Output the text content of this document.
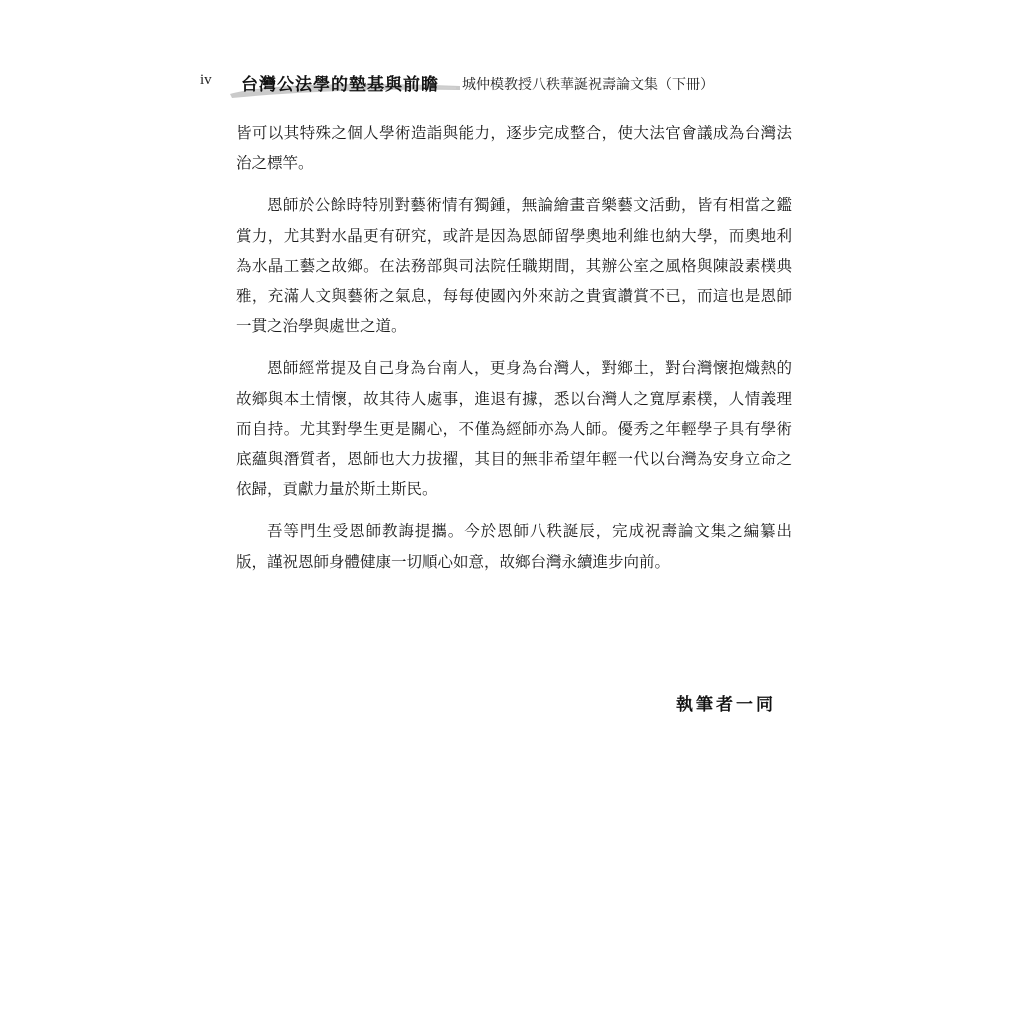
iv 台灣公法學的墊基與前瞻 城仲模教授八秩華誕祝壽論文集（下冊）

皆可以其特殊之個人學術造詣與能力，逐步完成整合，使大法官會議成為台灣法治之標竿。

恩師於公餘時特別對藝術情有獨鍾，無論繪畫音樂藝文活動，皆有相當之鑑賞力，尤其對水晶更有研究，或許是因為恩師留學奧地利維也納大學，而奧地利為水晶工藝之故鄉。在法務部與司法院任職期間，其辦公室之風格與陳設素樸典雅，充滿人文與藝術之氣息，每每使國內外來訪之貴賓讚賞不已，而這也是恩師一貫之治學與處世之道。

恩師經常提及自己身為台南人，更身為台灣人，對鄉土，對台灣懷抱熾熱的故鄉與本土情懷，故其待人處事，進退有據，悉以台灣人之寬厚素樸，人情義理而自持。尤其對學生更是關心，不僅為經師亦為人師。優秀之年輕學子具有學術底蘊與潛質者，恩師也大力拔擢，其目的無非希望年輕一代以台灣為安身立命之依歸，貢獻力量於斯土斯民。

吾等門生受恩師教誨提攜。今於恩師八秩誕辰，完成祝壽論文集之編纂出版，謹祝恩師身體健康一切順心如意，故鄉台灣永續進步向前。

執筆者一同
